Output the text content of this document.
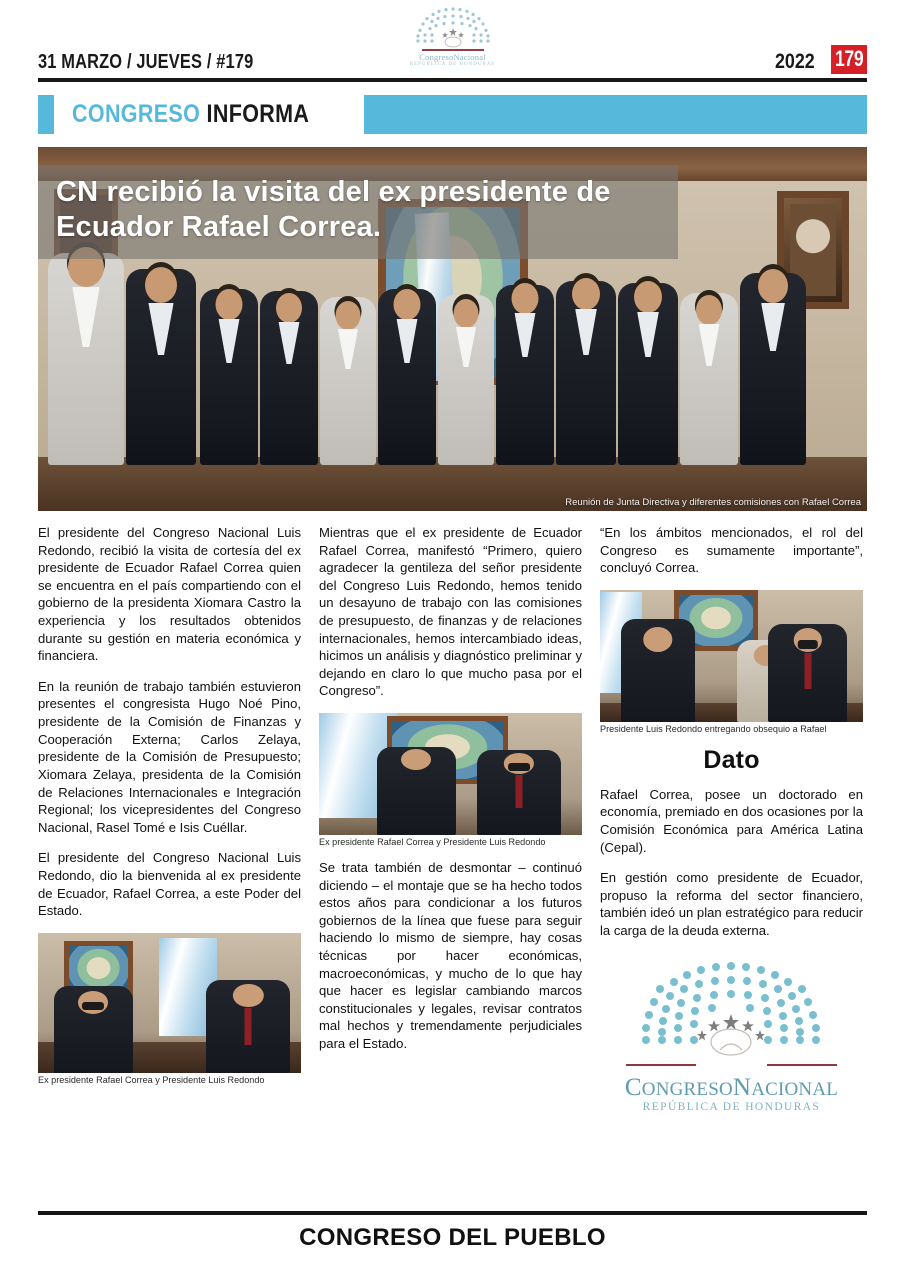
31 MARZO / JUEVES / #179	CongresoNacional
REPÚBLICA DE HONDURAS	2022 179
CONGRESO INFORMA
CN recibió la visita del ex presidente de Ecuador Rafael Correa.
Reunión de Junta Directiva y diferentes comisiones con Rafael Correa

El presidente del Congreso Nacional Luis Redondo, recibió la visita de cortesía del ex presidente de Ecuador Rafael Correa quien se encuentra en el país compartiendo con el gobierno de la presidenta Xiomara Castro la experiencia y los resultados obtenidos durante su gestión en materia económica y financiera.

En la reunión de trabajo también estuvieron presentes el congresista Hugo Noé Pino, presidente de la Comisión de Finanzas y Cooperación Externa; Carlos Zelaya, presidente de la Comisión de Presupuesto; Xiomara Zelaya, presidenta de la Comisión de Relaciones Internacionales e Integración Regional; los vicepresidentes del Congreso Nacional, Rasel Tomé e Isis Cuéllar.

El presidente del Congreso Nacional Luis Redondo, dio la bienvenida al ex presidente de Ecuador, Rafael Correa, a este Poder del Estado.

Ex presidente Rafael Correa y Presidente Luis Redondo

Mientras que el ex presidente de Ecuador Rafael Correa, manifestó “Primero, quiero agradecer la gentileza del señor presidente del Congreso Luis Redondo, hemos tenido un desayuno de trabajo con las comisiones de presupuesto, de finanzas y de relaciones internacionales, hemos intercambiado ideas, hicimos un análisis y diagnóstico preliminar y dejando en claro lo que mucho pasa por el Congreso”.

Ex presidente Rafael Correa y Presidente Luis Redondo

Se trata también de desmontar – continuó diciendo – el montaje que se ha hecho todos estos años para condicionar a los futuros gobiernos de la línea que fuese para seguir haciendo lo mismo de siempre, hay cosas técnicas por hacer económicas, macroeconómicas, y mucho de lo que hay que hacer es legislar cambiando marcos constitucionales y legales, revisar contratos mal hechos y tremendamente perjudiciales para el Estado.

“En los ámbitos mencionados, el rol del Congreso es sumamente importante”, concluyó Correa.

Presidente Luis Redondo entregando obsequio a Rafael
Dato

Rafael Correa, posee un doctorado en economía, premiado en dos ocasiones por la Comisión Económica para América Latina (Cepal).

En gestión como presidente de Ecuador, propuso la reforma del sector financiero, también ideó un plan estratégico para reducir la carga de la deuda externa.

CONGRESONACIONAL
REPÚBLICA DE HONDURAS
CONGRESO DEL PUEBLO
